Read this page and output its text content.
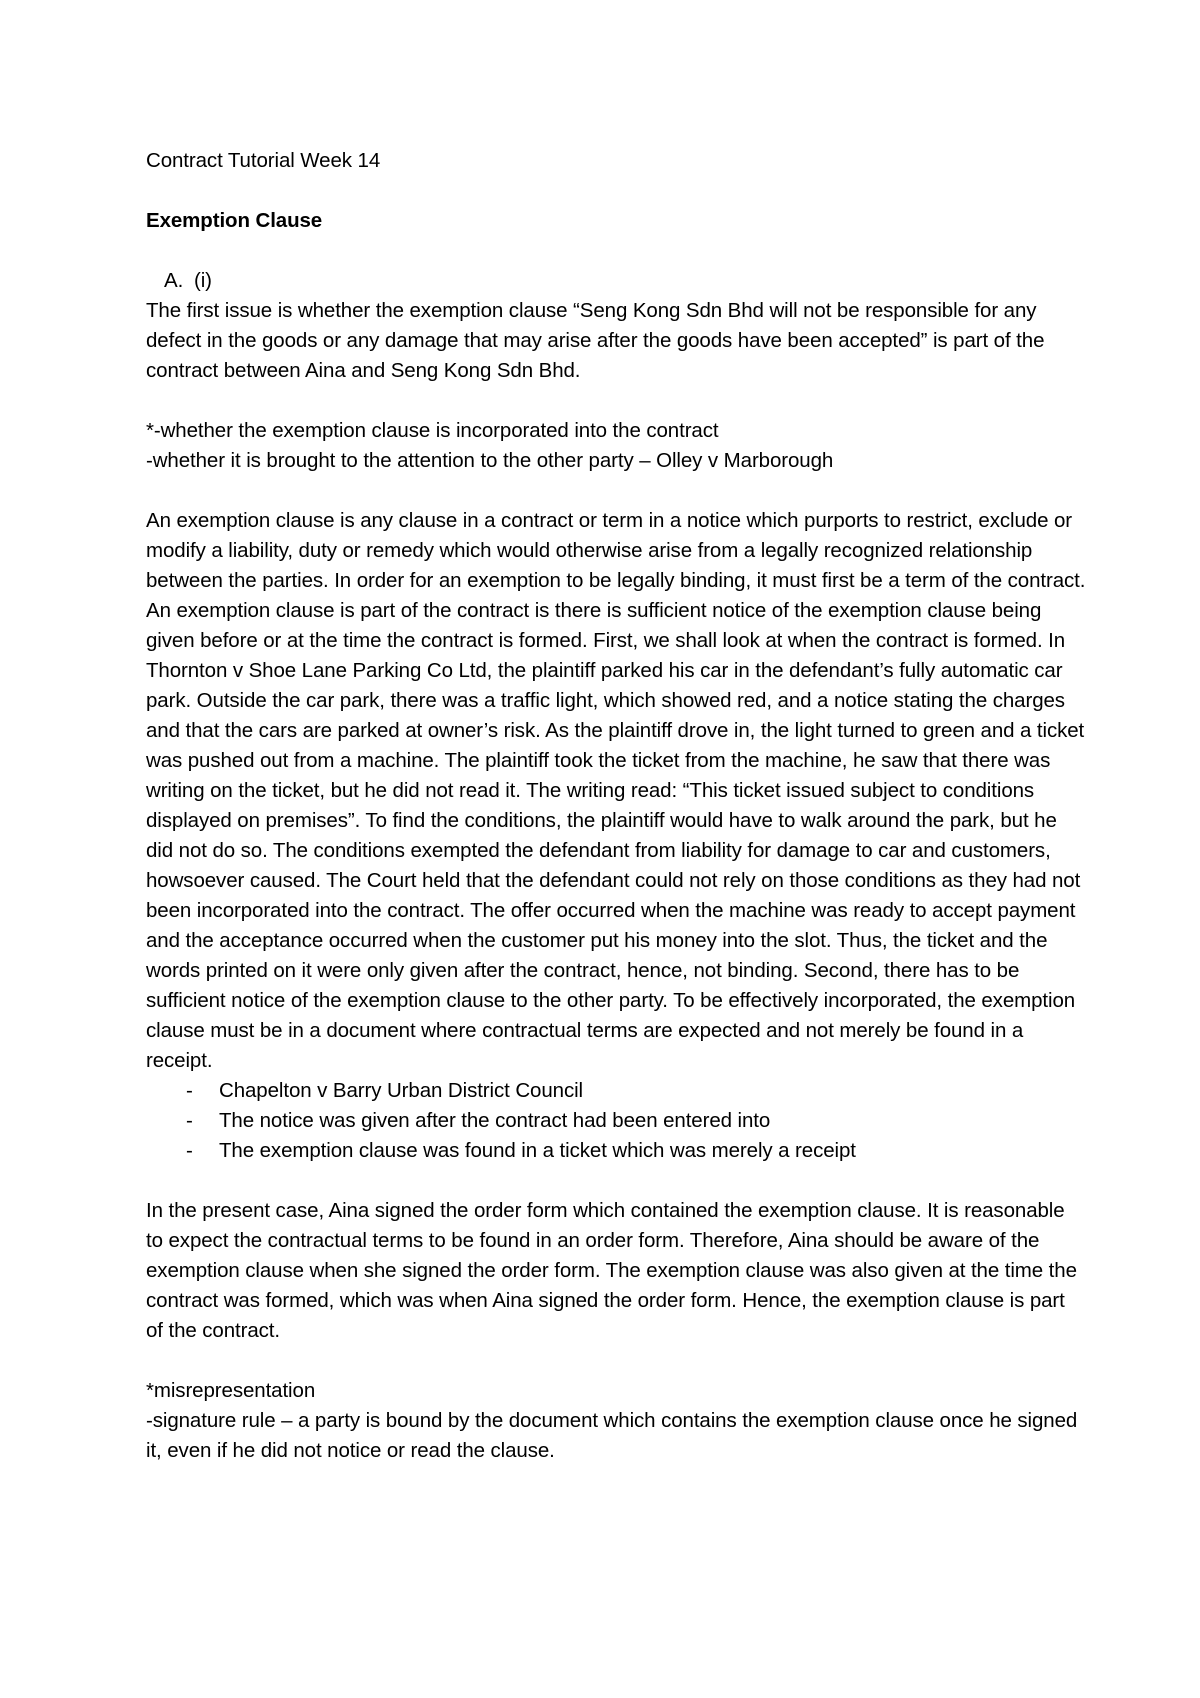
Contract Tutorial Week 14

Exemption Clause

A. (i)

The first issue is whether the exemption clause “Seng Kong Sdn Bhd will not be responsible for any defect in the goods or any damage that may arise after the goods have been accepted” is part of the contract between Aina and Seng Kong Sdn Bhd.

*-whether the exemption clause is incorporated into the contract

-whether it is brought to the attention to the other party – Olley v Marborough

An exemption clause is any clause in a contract or term in a notice which purports to restrict, exclude or modify a liability, duty or remedy which would otherwise arise from a legally recognized relationship between the parties. In order for an exemption to be legally binding, it must first be a term of the contract. An exemption clause is part of the contract is there is sufficient notice of the exemption clause being given before or at the time the contract is formed. First, we shall look at when the contract is formed. In Thornton v Shoe Lane Parking Co Ltd, the plaintiff parked his car in the defendant’s fully automatic car park. Outside the car park, there was a traffic light, which showed red, and a notice stating the charges and that the cars are parked at owner’s risk. As the plaintiff drove in, the light turned to green and a ticket was pushed out from a machine. The plaintiff took the ticket from the machine, he saw that there was writing on the ticket, but he did not read it. The writing read: “This ticket issued subject to conditions displayed on premises”. To find the conditions, the plaintiff would have to walk around the park, but he did not do so. The conditions exempted the defendant from liability for damage to car and customers, howsoever caused. The Court held that the defendant could not rely on those conditions as they had not been incorporated into the contract. The offer occurred when the machine was ready to accept payment and the acceptance occurred when the customer put his money into the slot. Thus, the ticket and the words printed on it were only given after the contract, hence, not binding. Second, there has to be sufficient notice of the exemption clause to the other party. To be effectively incorporated, the exemption clause must be in a document where contractual terms are expected and not merely be found in a receipt.

-	Chapelton v Barry Urban District Council
-	The notice was given after the contract had been entered into
-	The exemption clause was found in a ticket which was merely a receipt

In the present case, Aina signed the order form which contained the exemption clause. It is reasonable to expect the contractual terms to be found in an order form. Therefore, Aina should be aware of the exemption clause when she signed the order form. The exemption clause was also given at the time the contract was formed, which was when Aina signed the order form. Hence, the exemption clause is part of the contract.

*misrepresentation

-signature rule – a party is bound by the document which contains the exemption clause once he signed it, even if he did not notice or read the clause.
